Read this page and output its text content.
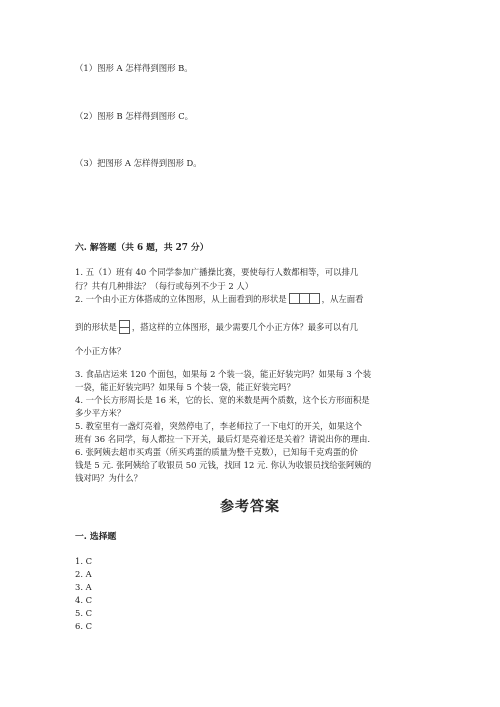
（1）图形 A 怎样得到图形 B。
（2）图形 B 怎样得到图形 C。
（3）把图形 A 怎样得到图形 D。
六. 解答题（共 6 题，共 27 分）
1. 五（1）班有 40 个同学参加广播操比赛，要使每行人数都相等，可以排几
行？共有几种排法？（每行或每列不少于 2 人）
2. 一个由小正方体搭成的立体图形，从上面看到的形状是	，从左面看
到的形状是 ，搭这样的立体图形，最少需要几个小正方体？最多可以有几
个小正方体？
3. 食品店运来 120 个面包，如果每 2 个装一袋，能正好装完吗？如果每 3 个装
一袋，能正好装完吗？如果每 5 个装一袋，能正好装完吗？
4. 一个长方形周长是 16 米，它的长、宽的米数是两个质数，这个长方形面积是
多少平方米？
5. 教室里有一盏灯亮着，突然停电了，李老师拉了一下电灯的开关，如果这个
班有 36 名同学，每人都拉一下开关，最后灯是亮着还是关着？请说出你的理由.
6. 张阿姨去超市买鸡蛋（所买鸡蛋的质量为整千克数），已知每千克鸡蛋的价
钱是 5 元. 张阿姨给了收银员 50 元钱，找回 12 元. 你认为收银员找给张阿姨的
钱对吗？为什么？
参考答案
一. 选择题
1. C
2. A
3. A
4. C
5. C
6. C
